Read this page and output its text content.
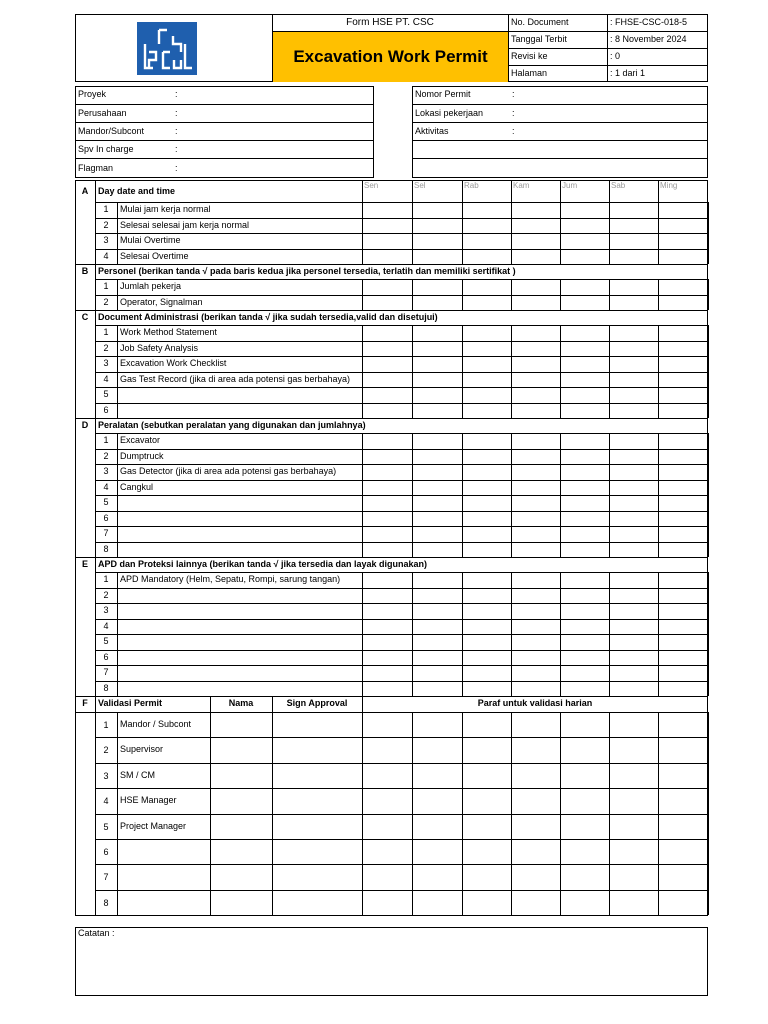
Form HSE PT. CSC
Excavation Work Permit
No. Document	: FHSE-CSC-018-5
Tanggal Terbit	: 8 November 2024
Revisi ke	: 0
Halaman	: 1 dari 1
Proyek	:
Perusahaan	:
Mandor/Subcont	:
Spv In charge	:
Flagman	:
Nomor Permit	:
Lokasi pekerjaan	:
Aktivitas	:
A	Day date and time	Sen	Sel	Rab	Kam	Jum	Sab	Ming
1	Mulai jam kerja normal
2	Selesai selesai jam kerja normal
3	Mulai Overtime
4	Selesai Overtime
B	Personel (berikan tanda √ pada baris kedua jika personel tersedia, terlatih dan memiliki sertifikat )
1	Jumlah pekerja
2	Operator, Signalman
C	Document Administrasi (berikan tanda √ jika sudah tersedia,valid dan disetujui)
1	Work Method Statement
2	Job Safety Analysis
3	Excavation Work Checklist
4	Gas Test Record (jika di area ada potensi gas berbahaya)
5
6
D	Peralatan (sebutkan peralatan yang digunakan dan jumlahnya)
1	Excavator
2	Dumptruck
3	Gas Detector (jika di area ada potensi gas berbahaya)
4	Cangkul
5
6
7
8
E	APD dan Proteksi lainnya (berikan tanda √ jika tersedia dan layak digunakan)
1	APD Mandatory (Helm, Sepatu, Rompi, sarung tangan)
2
3
4
5
6
7
8
F	Validasi Permit	Nama	Sign Approval	Paraf untuk validasi harian
1	Mandor / Subcont
2	Supervisor
3	SM / CM
4	HSE Manager
5	Project Manager
6
7
8
Catatan :
